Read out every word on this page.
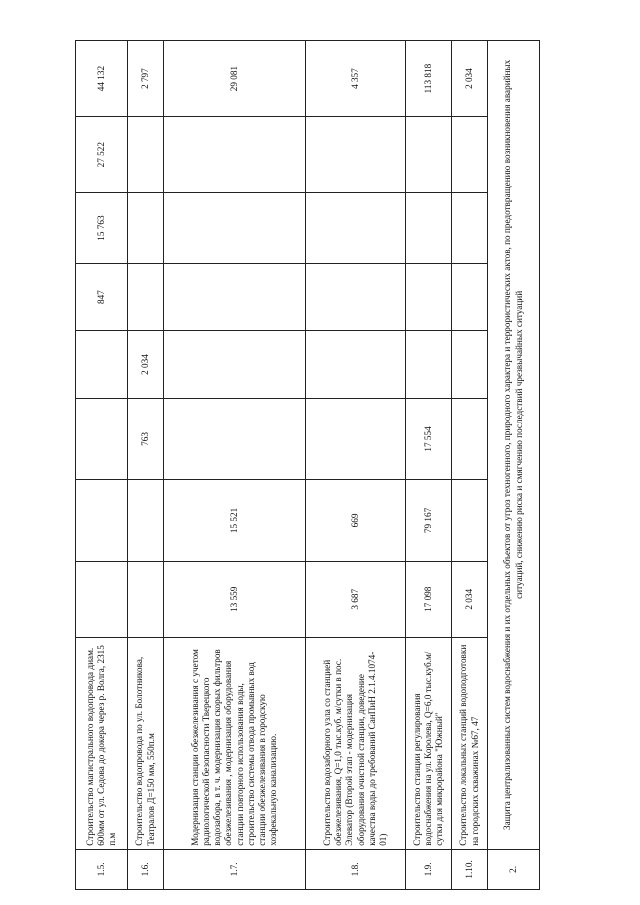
1.5.	Строительство магистрального водопровода диам. 600мм от ул. Седова до докера через р. Волга, 2315 п.м					847	15 763	27 522	44 132
1.6.	Строительство водопровода по ул. Болотникова, Театралов Д=150 мм, 550п.м			763	2 034				2 797
1.7.	Модернизация станции обезжелезивания с учетом радиологической безопасности Тверецкого водозабора, в т. ч. модернизация скорых фильтров обезжелезивания , модернизация оборудования станции повторного использования воды, строительство системы отвода промывных вод станции обезжелезивания в городскую хозфекальную канализацию.	13 559	15 521						29 081
1.8.	Строительство водозаборного узла со станцией обезжелезивания, Q=1,0 тыс.куб. м/сутки в пос. Элеватор (Второй этап - модернизация оборудования очистной станции, доведение качества воды до требований СанПиН 2.1.4.1074-01)	3 687	669						4 357
1.9.	Строительство станции регулирования водоснабжения на ул. Королева, Q=6,0 тыс.куб.м/сутки для микрорайона "Южный"	17 098	79 167	17 554					113 818
1.10.	Строительство локальных станций водоподготовки на городских скважинах №67, 47	2 034							2 034
2.	Защита централизованных систем водоснабжения и их отдельных объектов от угроз техногенного, природного характера и террористических актов, по предотвращению возникновения аварийных ситуаций, снижению риска и смягчению последствий чрезвычайных ситуаций								
